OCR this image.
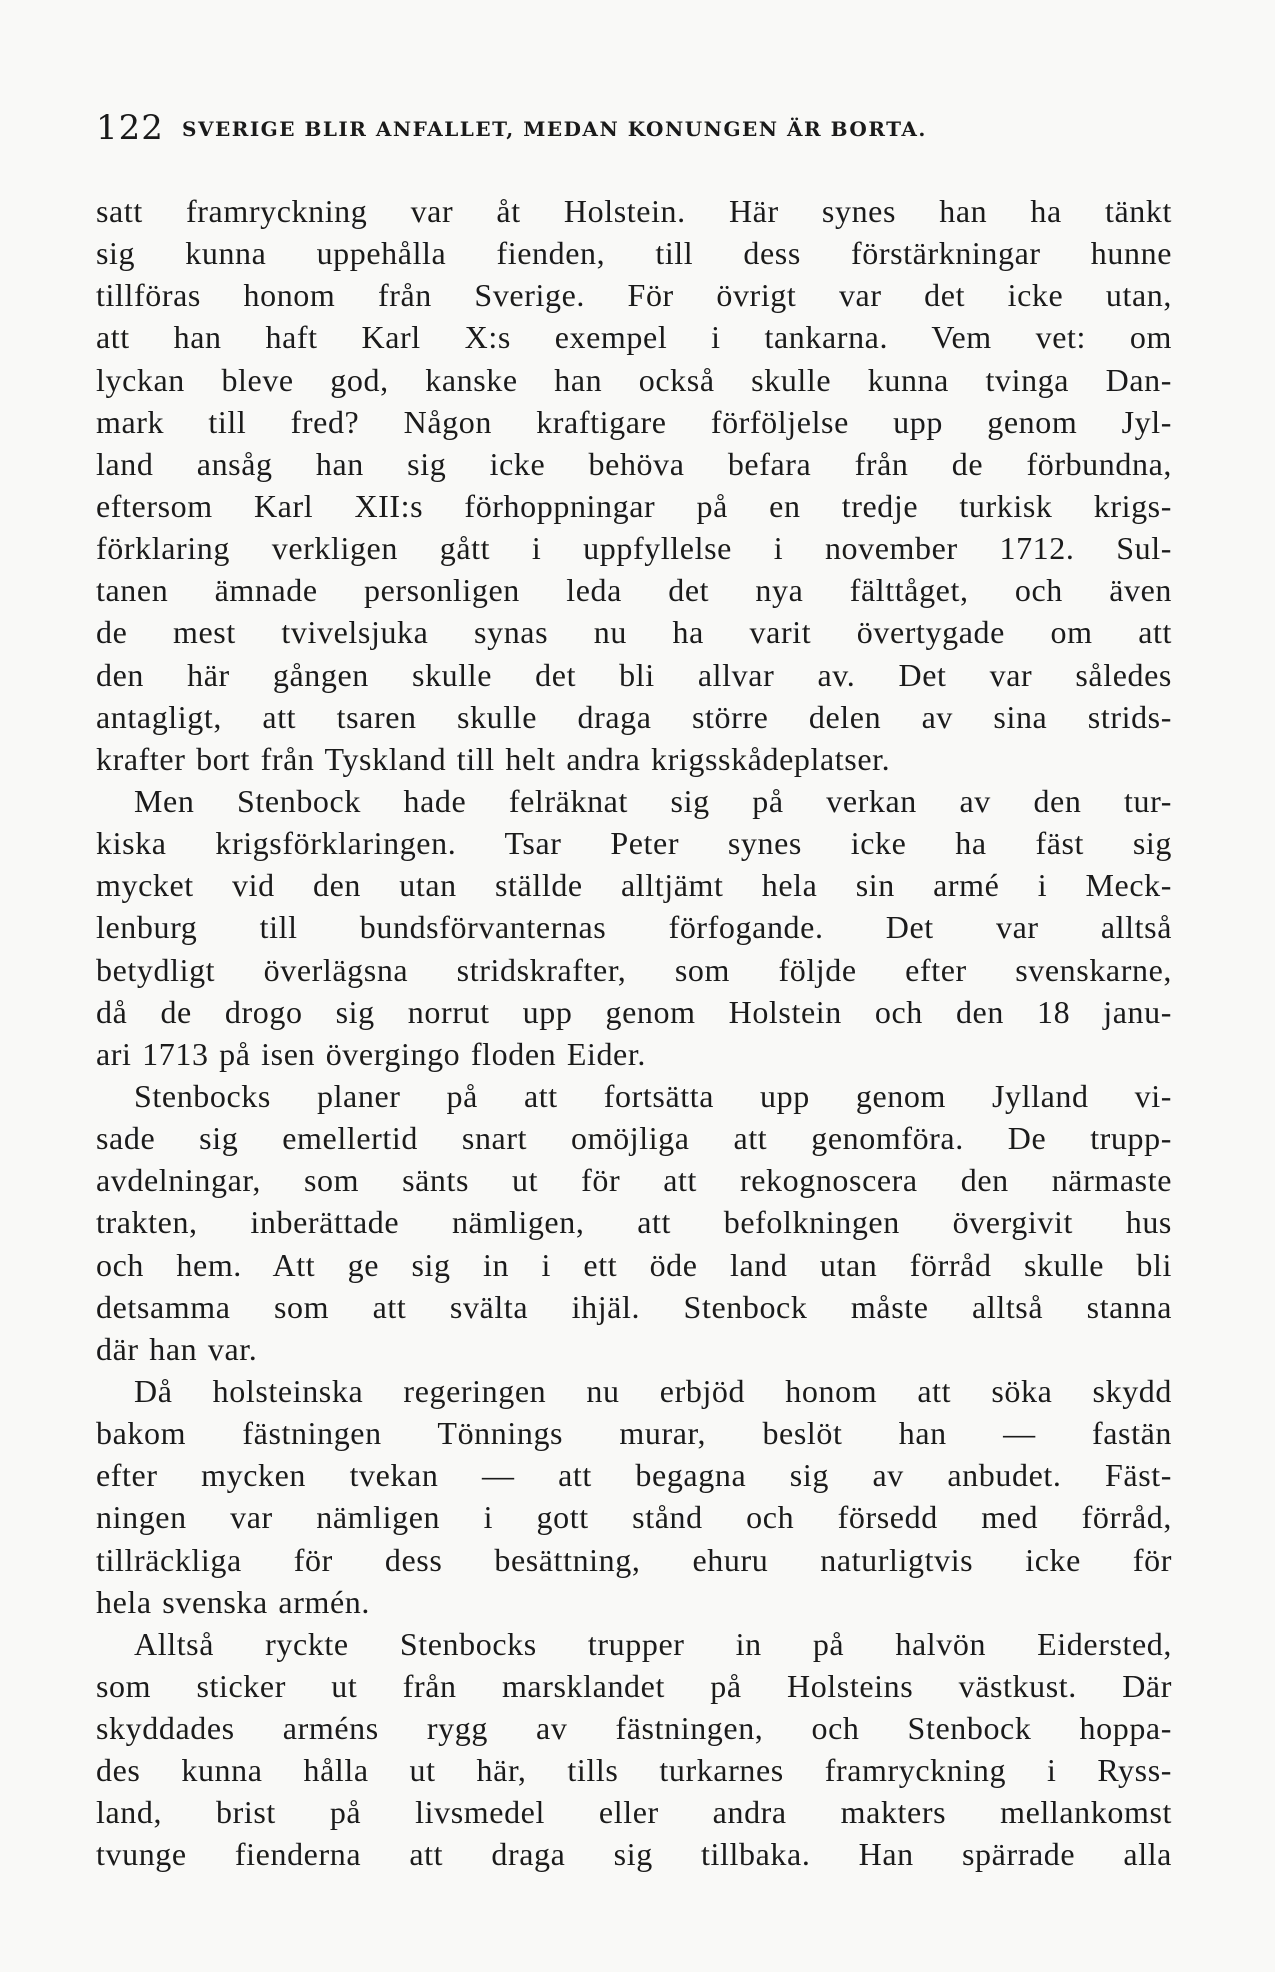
122 SVERIGE BLIR ANFALLET, MEDAN KONUNGEN ÄR BORTA.
satt framryckning var åt Holstein. Här synes han ha tänkt
sig kunna uppehålla fienden, till dess förstärkningar hunne
tillföras honom från Sverige. För övrigt var det icke utan,
att han haft Karl X:s exempel i tankarna. Vem vet: om
lyckan bleve god, kanske han också skulle kunna tvinga Dan-
mark till fred? Någon kraftigare förföljelse upp genom Jyl-
land ansåg han sig icke behöva befara från de förbundna,
eftersom Karl XII:s förhoppningar på en tredje turkisk krigs-
förklaring verkligen gått i uppfyllelse i november 1712. Sul-
tanen ämnade personligen leda det nya fälttåget, och även
de mest tvivelsjuka synas nu ha varit övertygade om att
den här gången skulle det bli allvar av. Det var således
antagligt, att tsaren skulle draga större delen av sina strids-
krafter bort från Tyskland till helt andra krigsskådeplatser.
Men Stenbock hade felräknat sig på verkan av den tur-
kiska krigsförklaringen. Tsar Peter synes icke ha fäst sig
mycket vid den utan ställde alltjämt hela sin armé i Meck-
lenburg till bundsförvanternas förfogande. Det var alltså
betydligt överlägsna stridskrafter, som följde efter svenskarne,
då de drogo sig norrut upp genom Holstein och den 18 janu-
ari 1713 på isen övergingo floden Eider.
Stenbocks planer på att fortsätta upp genom Jylland vi-
sade sig emellertid snart omöjliga att genomföra. De trupp-
avdelningar, som sänts ut för att rekognoscera den närmaste
trakten, inberättade nämligen, att befolkningen övergivit hus
och hem. Att ge sig in i ett öde land utan förråd skulle bli
detsamma som att svälta ihjäl. Stenbock måste alltså stanna
där han var.
Då holsteinska regeringen nu erbjöd honom att söka skydd
bakom fästningen Tönnings murar, beslöt han — fastän
efter mycken tvekan — att begagna sig av anbudet. Fäst-
ningen var nämligen i gott stånd och försedd med förråd,
tillräckliga för dess besättning, ehuru naturligtvis icke för
hela svenska armén.
Alltså ryckte Stenbocks trupper in på halvön Eidersted,
som sticker ut från marsklandet på Holsteins västkust. Där
skyddades arméns rygg av fästningen, och Stenbock hoppa-
des kunna hålla ut här, tills turkarnes framryckning i Ryss-
land, brist på livsmedel eller andra makters mellankomst
tvunge fienderna att draga sig tillbaka. Han spärrade alla
